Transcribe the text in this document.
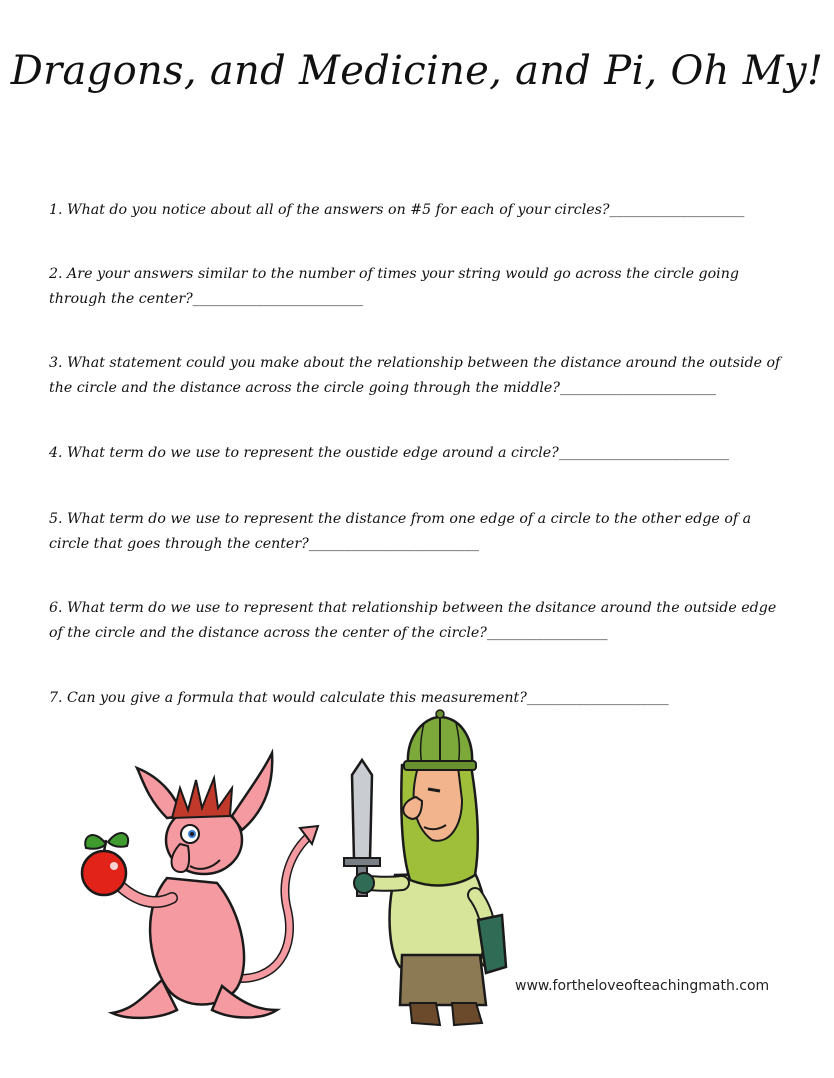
Dragons, and Medicine, and Pi, Oh My!

1. What do you notice about all of the answers on #5 for each of your circles?___________________

2. Are your answers similar to the number of times your string would go across the circle going through the center?________________________

3. What statement could you make about the relationship between the distance around the outside of the circle and the distance across the circle going through the middle?______________________

4. What term do we use to represent the oustide edge around a circle?________________________

5. What term do we use to represent the distance from one edge of a circle to the other edge of a circle that goes through the center?________________________

6. What term do we use to represent that relationship between the dsitance around the outside edge of the circle and the distance across the center of the circle?_________________

7. Can you give a formula that would calculate this measurement?____________________

www.fortheloveofteachingmath.com
